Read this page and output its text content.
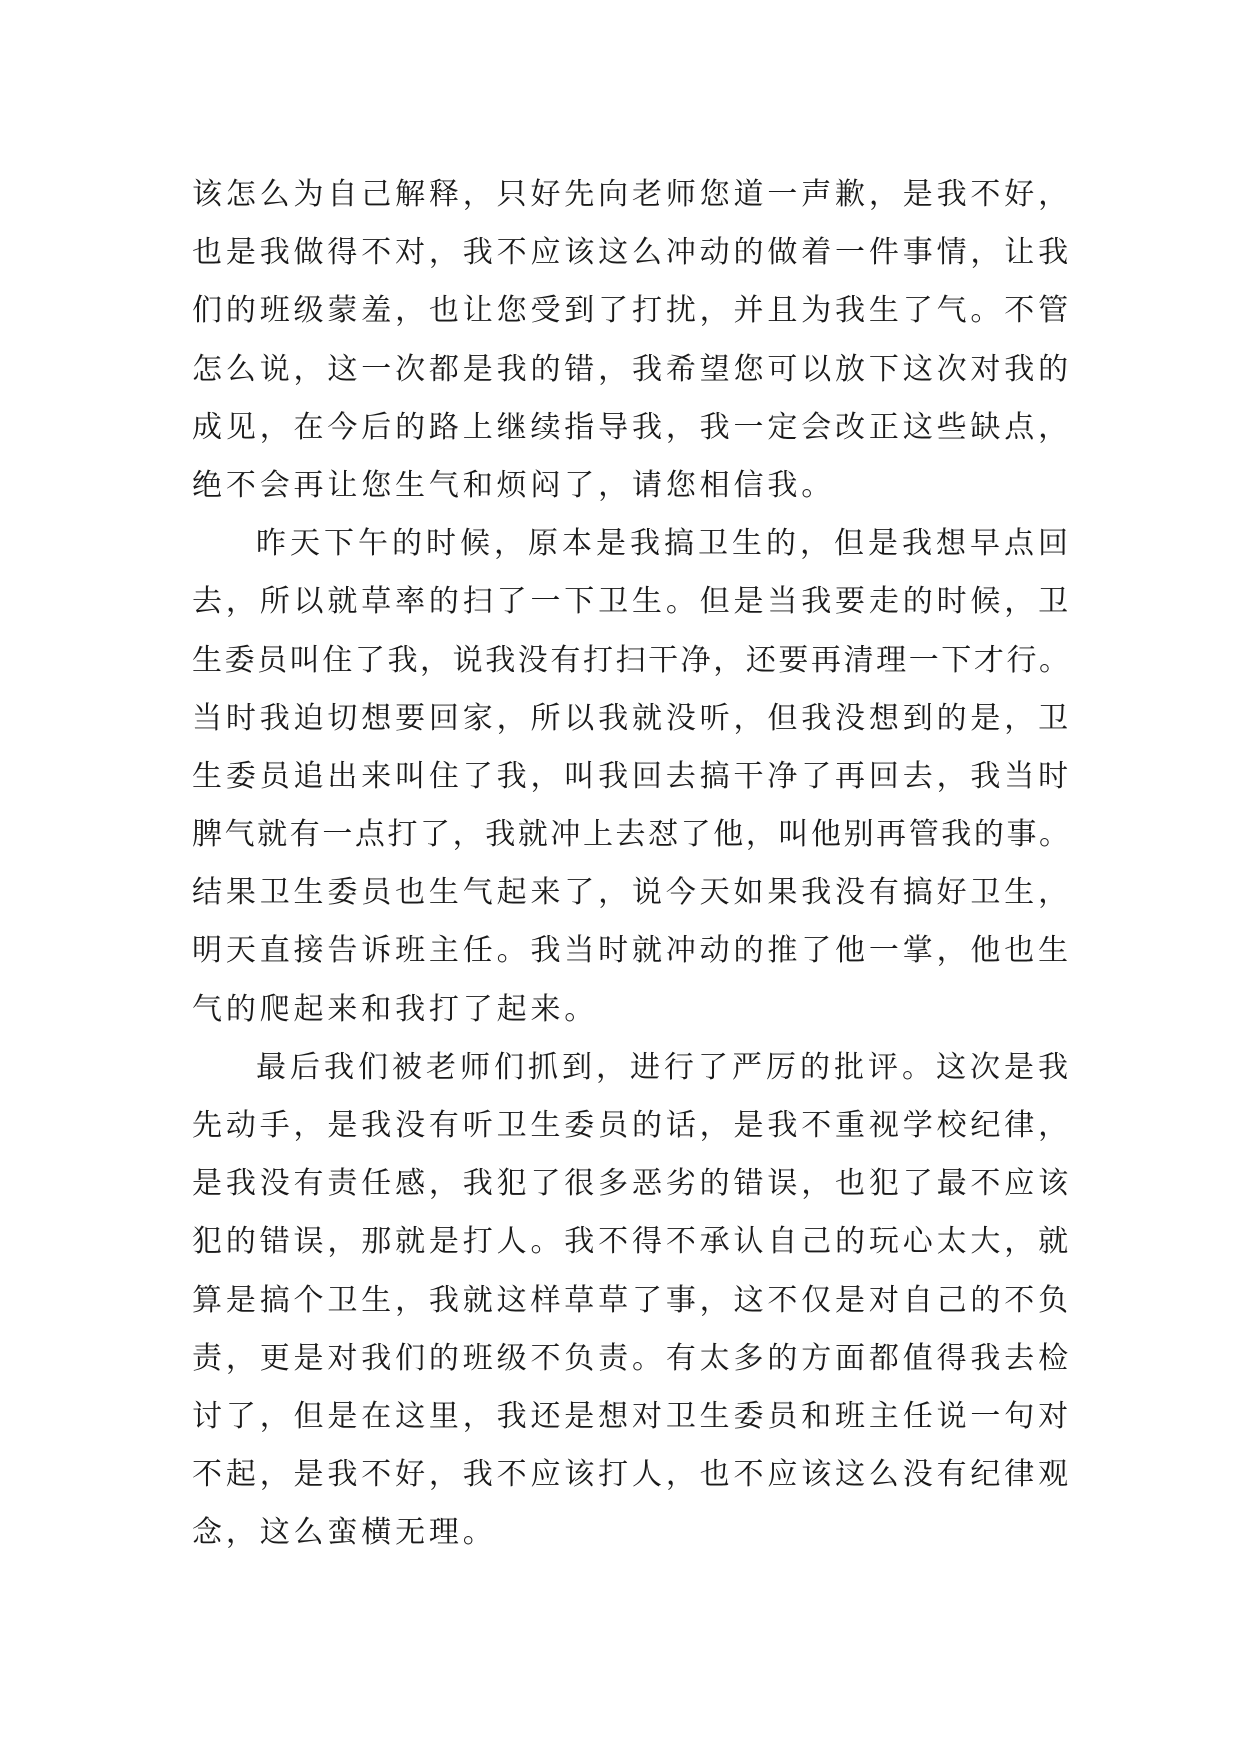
该 怎 么 为 自 己 解 释 ， 只 好 先 向 老 师 您 道 一 声 歉 ， 是 我 不 好 ，
也 是 我 做 得 不 对 ， 我 不 应 该 这 么 冲 动 的 做 着 一 件 事 情 ， 让 我
们 的 班 级 蒙 羞 ， 也 让 您 受 到 了 打 扰 ， 并 且 为 我 生 了 气 。 不 管
怎 么 说 ， 这 一 次 都 是 我 的 错 ， 我 希 望 您 可 以 放 下 这 次 对 我 的
成 见 ， 在 今 后 的 路 上 继 续 指 导 我 ， 我 一 定 会 改 正 这 些 缺 点 ，
绝 不 会 再 让 您 生 气 和 烦 闷 了 ， 请 您 相 信 我 。
昨 天 下 午 的 时 候 ， 原 本 是 我 搞 卫 生 的 ， 但 是 我 想 早 点 回
去 ， 所 以 就 草 率 的 扫 了 一 下 卫 生 。 但 是 当 我 要 走 的 时 候 ， 卫
生委员叫住了我，说我没有打扫干净，还要再清理一下才行。
当 时 我 迫 切 想 要 回 家 ， 所 以 我 就 没 听 ， 但 我 没 想 到 的 是 ， 卫
生 委 员 追 出 来 叫 住 了 我 ， 叫 我 回 去 搞 干 净 了 再 回 去 ， 我 当 时
脾气就有一点打了，我就冲上去怼了他，叫他别再管我的事。
结 果 卫 生 委 员 也 生 气 起 来 了 ， 说 今 天 如 果 我 没 有 搞 好 卫 生 ，
明 天 直 接 告 诉 班 主 任 。 我 当 时 就 冲 动 的 推 了 他 一 掌 ， 他 也 生
气 的 爬 起 来 和 我 打 了 起 来 。
最 后 我 们 被 老 师 们 抓 到 ， 进 行 了 严 厉 的 批 评 。 这 次 是 我
先 动 手 ， 是 我 没 有 听 卫 生 委 员 的 话 ， 是 我 不 重 视 学 校 纪 律 ，
是 我 没 有 责 任 感 ， 我 犯 了 很 多 恶 劣 的 错 误 ， 也 犯 了 最 不 应 该
犯 的 错 误 ， 那 就 是 打 人 。 我 不 得 不 承 认 自 己 的 玩 心 太 大 ， 就
算 是 搞 个 卫 生 ， 我 就 这 样 草 草 了 事 ， 这 不 仅 是 对 自 己 的 不 负
责 ， 更 是 对 我 们 的 班 级 不 负 责 。 有 太 多 的 方 面 都 值 得 我 去 检
讨 了 ， 但 是 在 这 里 ， 我 还 是 想 对 卫 生 委 员 和 班 主 任 说 一 句 对
不 起 ， 是 我 不 好 ， 我 不 应 该 打 人 ， 也 不 应 该 这 么 没 有 纪 律 观
念 ， 这 么 蛮 横 无 理 。
